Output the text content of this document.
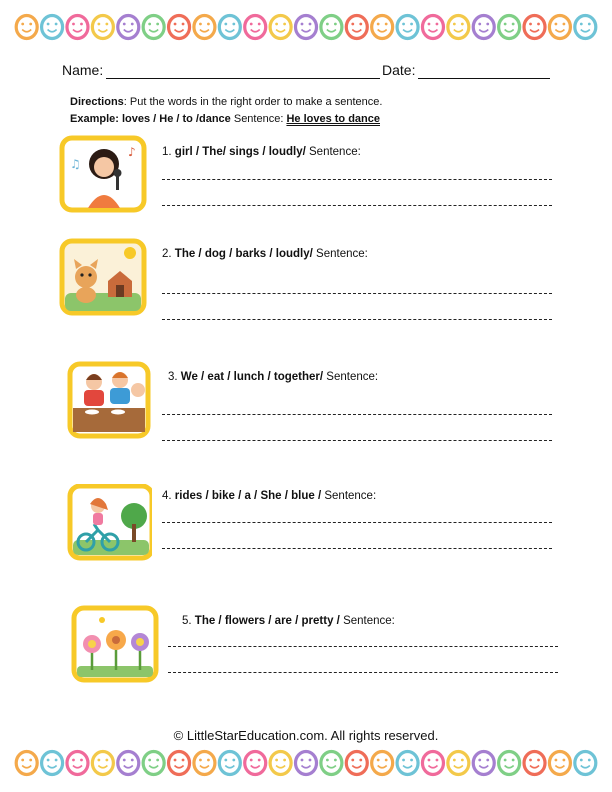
Name:	Date:
Directions: Put the words in the right order to make a sentence.
Example: loves / He / to /dance Sentence: He loves to dance
♪
♫
1. girl / The/ sings / loudly/ Sentence:
2. The / dog / barks / loudly/ Sentence:
3. We / eat / lunch / together/ Sentence:
4. rides / bike / a / She / blue / Sentence:
5. The / flowers / are / pretty / Sentence:
© LittleStarEducation.com. All rights reserved.
